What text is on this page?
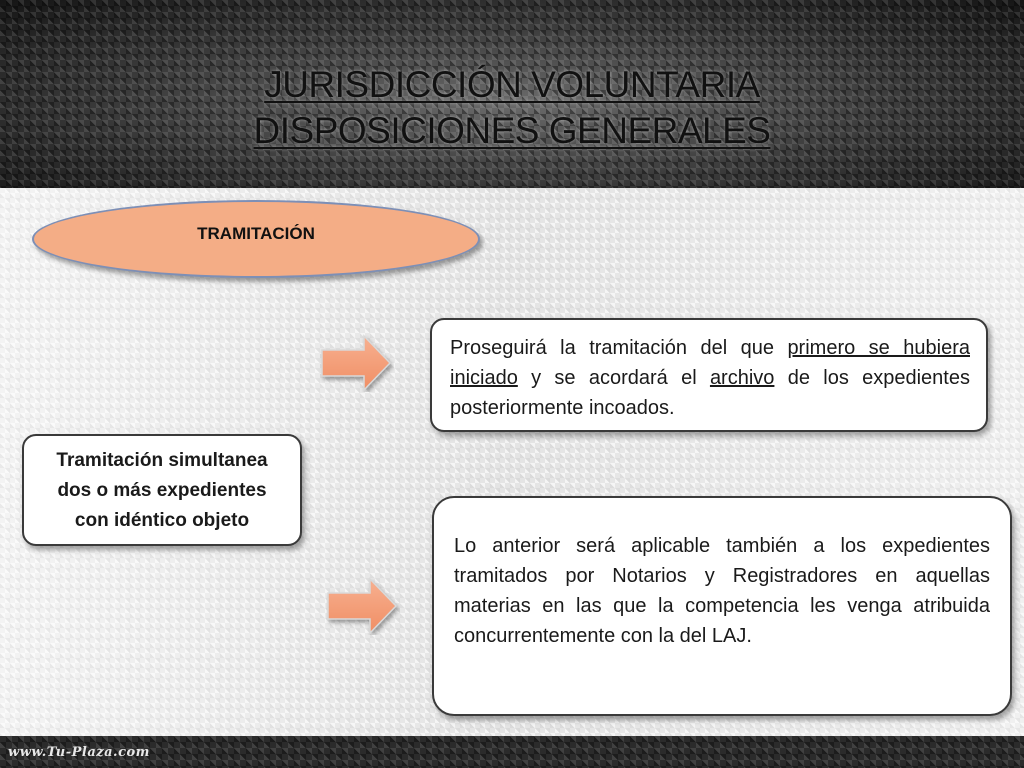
JURISDICCIÓN VOLUNTARIA
DISPOSICIONES GENERALES
TRAMITACIÓN
Tramitación simultanea
dos o más expedientes
con idéntico objeto
Proseguirá la tramitación del que primero se hubiera iniciado y se acordará el archivo de los expedientes posteriormente incoados.
Lo anterior será aplicable también a los expedientes tramitados por Notarios y Registradores en aquellas materias en las que la competencia les venga atribuida concurrentemente con la del LAJ.
www.Tu-Plaza.com
